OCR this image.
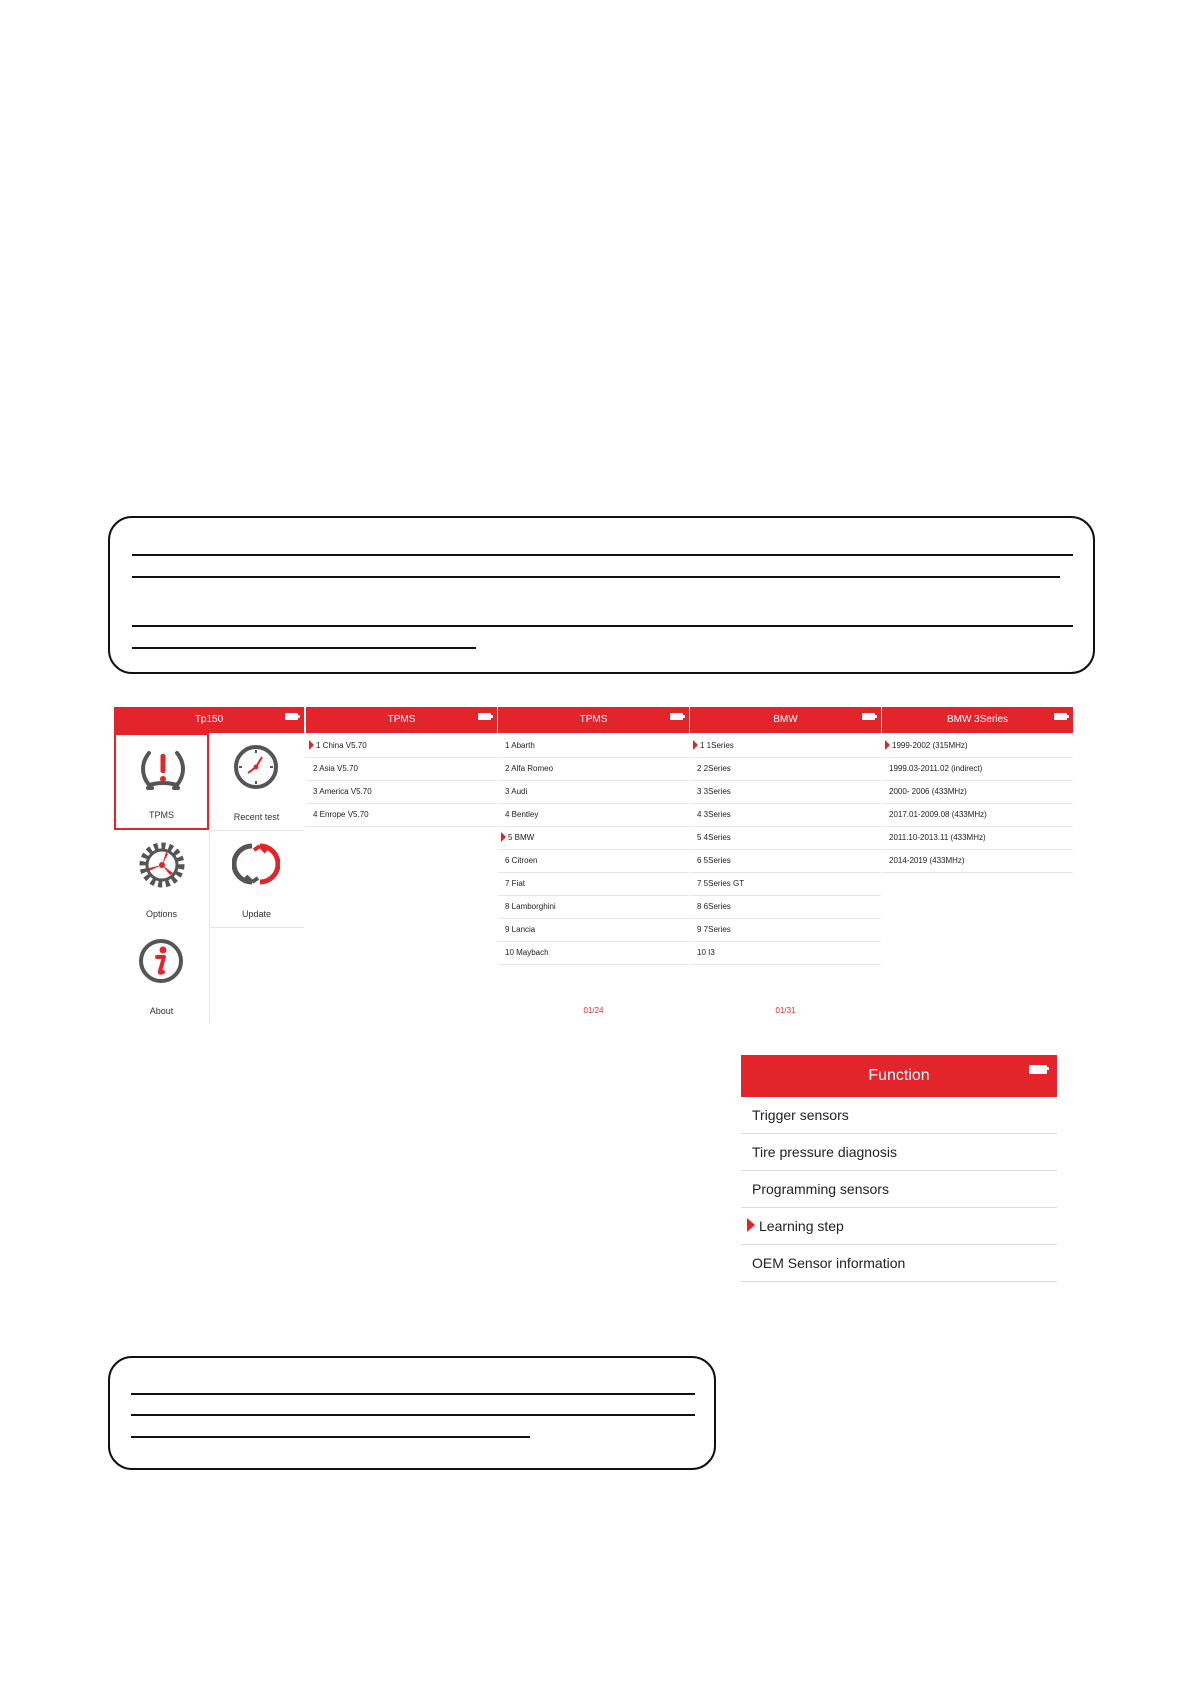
Tp150
TPMS	Recent test
Options	Update
About
TPMS
1 China V5.70
2 Asia V5.70
3 America V5.70
4 Enrope V5.70
TPMS
1 Abarth
2 Alfa Romeo
3 Audi
4 Bentley
5 BMW
6 Citroen
7 Fiat
8 Lamborghini
9 Lancia
10 Maybach
01/24
BMW
1 1Series
2 2Series
3 3Series
4 3Series
5 4Series
6 5Series
7 5Series GT
8 6Series
9 7Series
10 I3
01/31
BMW 3Series
1999-2002 (315MHz)
1999.03-2011.02 (indirect)
2000- 2006 (433MHz)
2017.01-2009.08 (433MHz)
2011.10-2013.11 (433MHz)
2014-2019 (433MHz)
Function
Trigger sensors
Tire pressure diagnosis
Programming sensors
Learning step
OEM Sensor information
